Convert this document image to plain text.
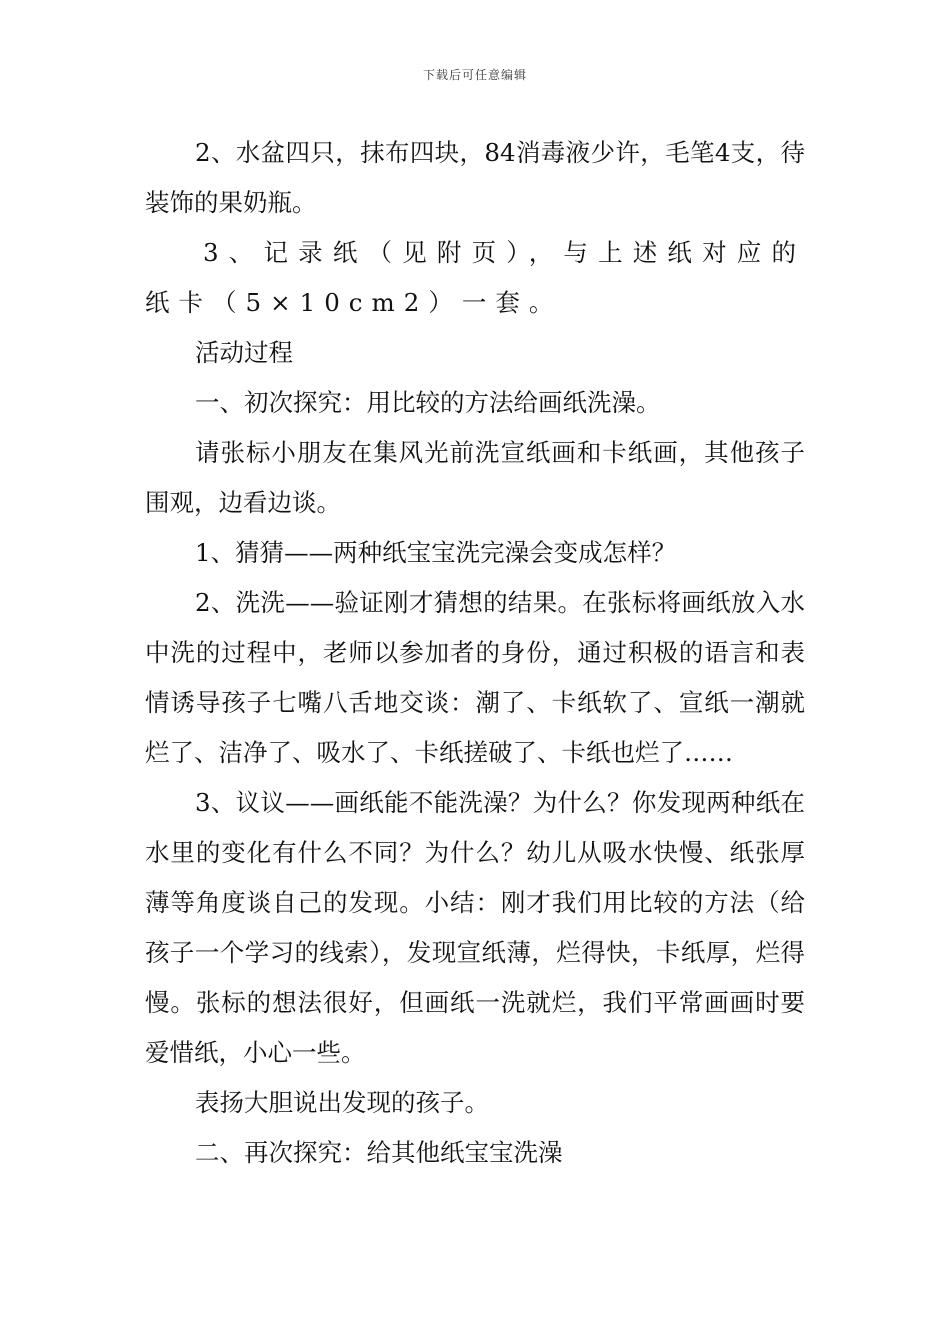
下载后可任意编辑

2、水盆四只，抹布四块，84消毒液少许，毛笔4支，待装饰的果奶瓶。

3、记录纸（见附页），与上述纸对应的纸卡（5×10cm2）一套。

活动过程

一、初次探究：用比较的方法给画纸洗澡。

请张标小朋友在集风光前洗宣纸画和卡纸画，其他孩子围观，边看边谈。

1、猜猜——两种纸宝宝洗完澡会变成怎样？

2、洗洗——验证刚才猜想的结果。在张标将画纸放入水中洗的过程中，老师以参加者的身份，通过积极的语言和表情诱导孩子七嘴八舌地交谈：潮了、卡纸软了、宣纸一潮就烂了、洁净了、吸水了、卡纸搓破了、卡纸也烂了……

3、议议——画纸能不能洗澡？为什么？你发现两种纸在水里的变化有什么不同？为什么？幼儿从吸水快慢、纸张厚薄等角度谈自己的发现。小结：刚才我们用比较的方法（给孩子一个学习的线索），发现宣纸薄，烂得快，卡纸厚，烂得慢。张标的想法很好，但画纸一洗就烂，我们平常画画时要爱惜纸，小心一些。

表扬大胆说出发现的孩子。

二、再次探究：给其他纸宝宝洗澡
